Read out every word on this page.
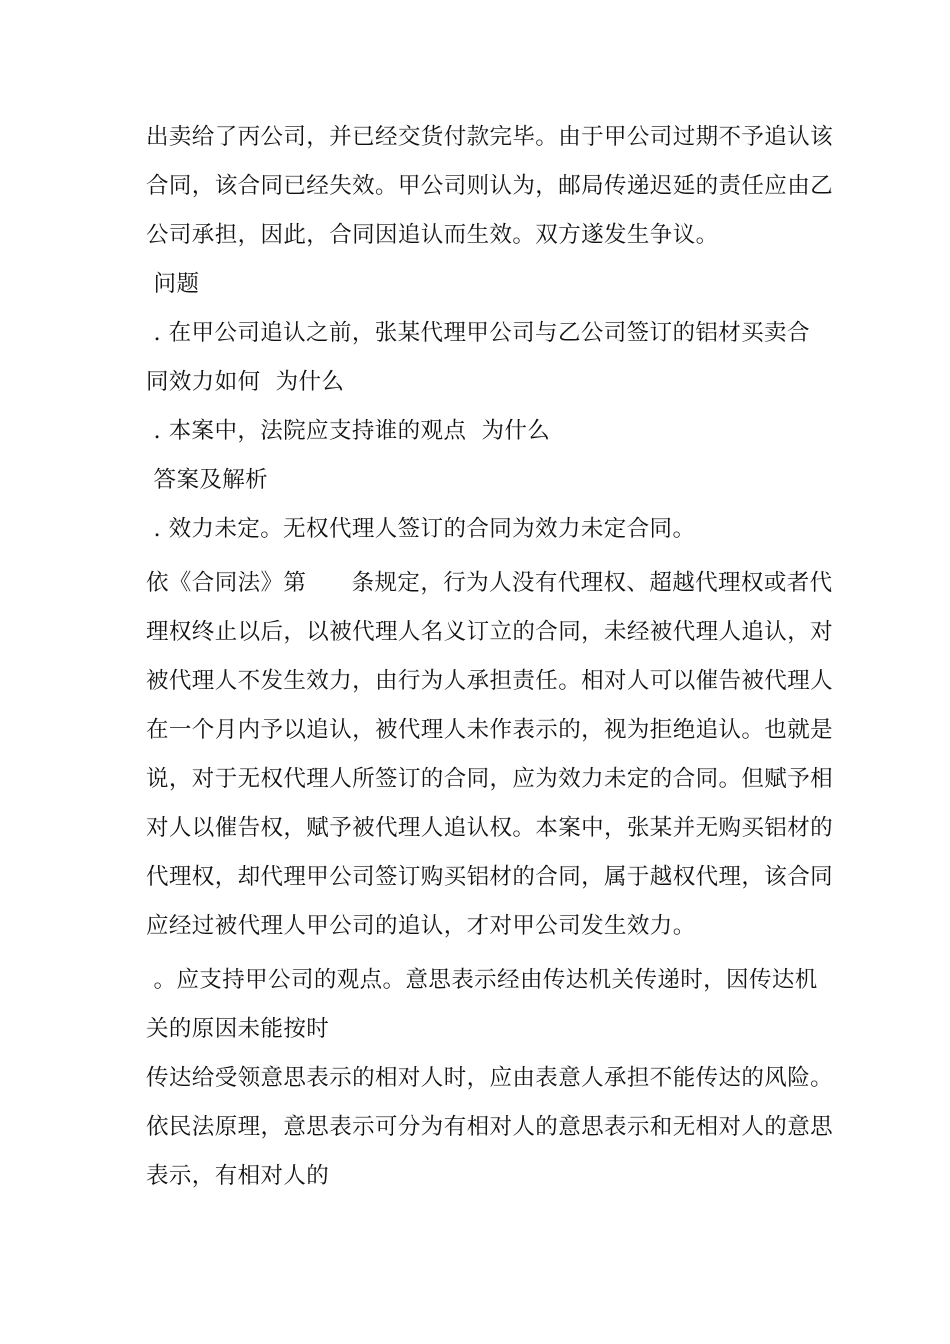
出卖给了丙公司，并已经交货付款完毕。由于甲公司过期不予追认该
合同，该合同已经失效。甲公司则认为，邮局传递迟延的责任应由乙
公司承担，因此，合同因追认而生效。双方遂发生争议。
问题
. 在甲公司追认之前，张某代理甲公司与乙公司签订的铝材买卖合
同效力如何  为什么
. 本案中，法院应支持谁的观点  为什么
答案及解析
. 效力未定。无权代理人签订的合同为效力未定合同。
依《合同法》第      条规定，行为人没有代理权、超越代理权或者代
理权终止以后，以被代理人名义订立的合同，未经被代理人追认，对
被代理人不发生效力，由行为人承担责任。相对人可以催告被代理人
在一个月内予以追认，被代理人未作表示的，视为拒绝追认。也就是
说，对于无权代理人所签订的合同，应为效力未定的合同。但赋予相
对人以催告权，赋予被代理人追认权。本案中，张某并无购买铝材的
代理权，却代理甲公司签订购买铝材的合同，属于越权代理，该合同
应经过被代理人甲公司的追认，才对甲公司发生效力。
。应支持甲公司的观点。意思表示经由传达机关传递时，因传达机
关的原因未能按时
传达给受领意思表示的相对人时，应由表意人承担不能传达的风险。
依民法原理，意思表示可分为有相对人的意思表示和无相对人的意思
表示，有相对人的
